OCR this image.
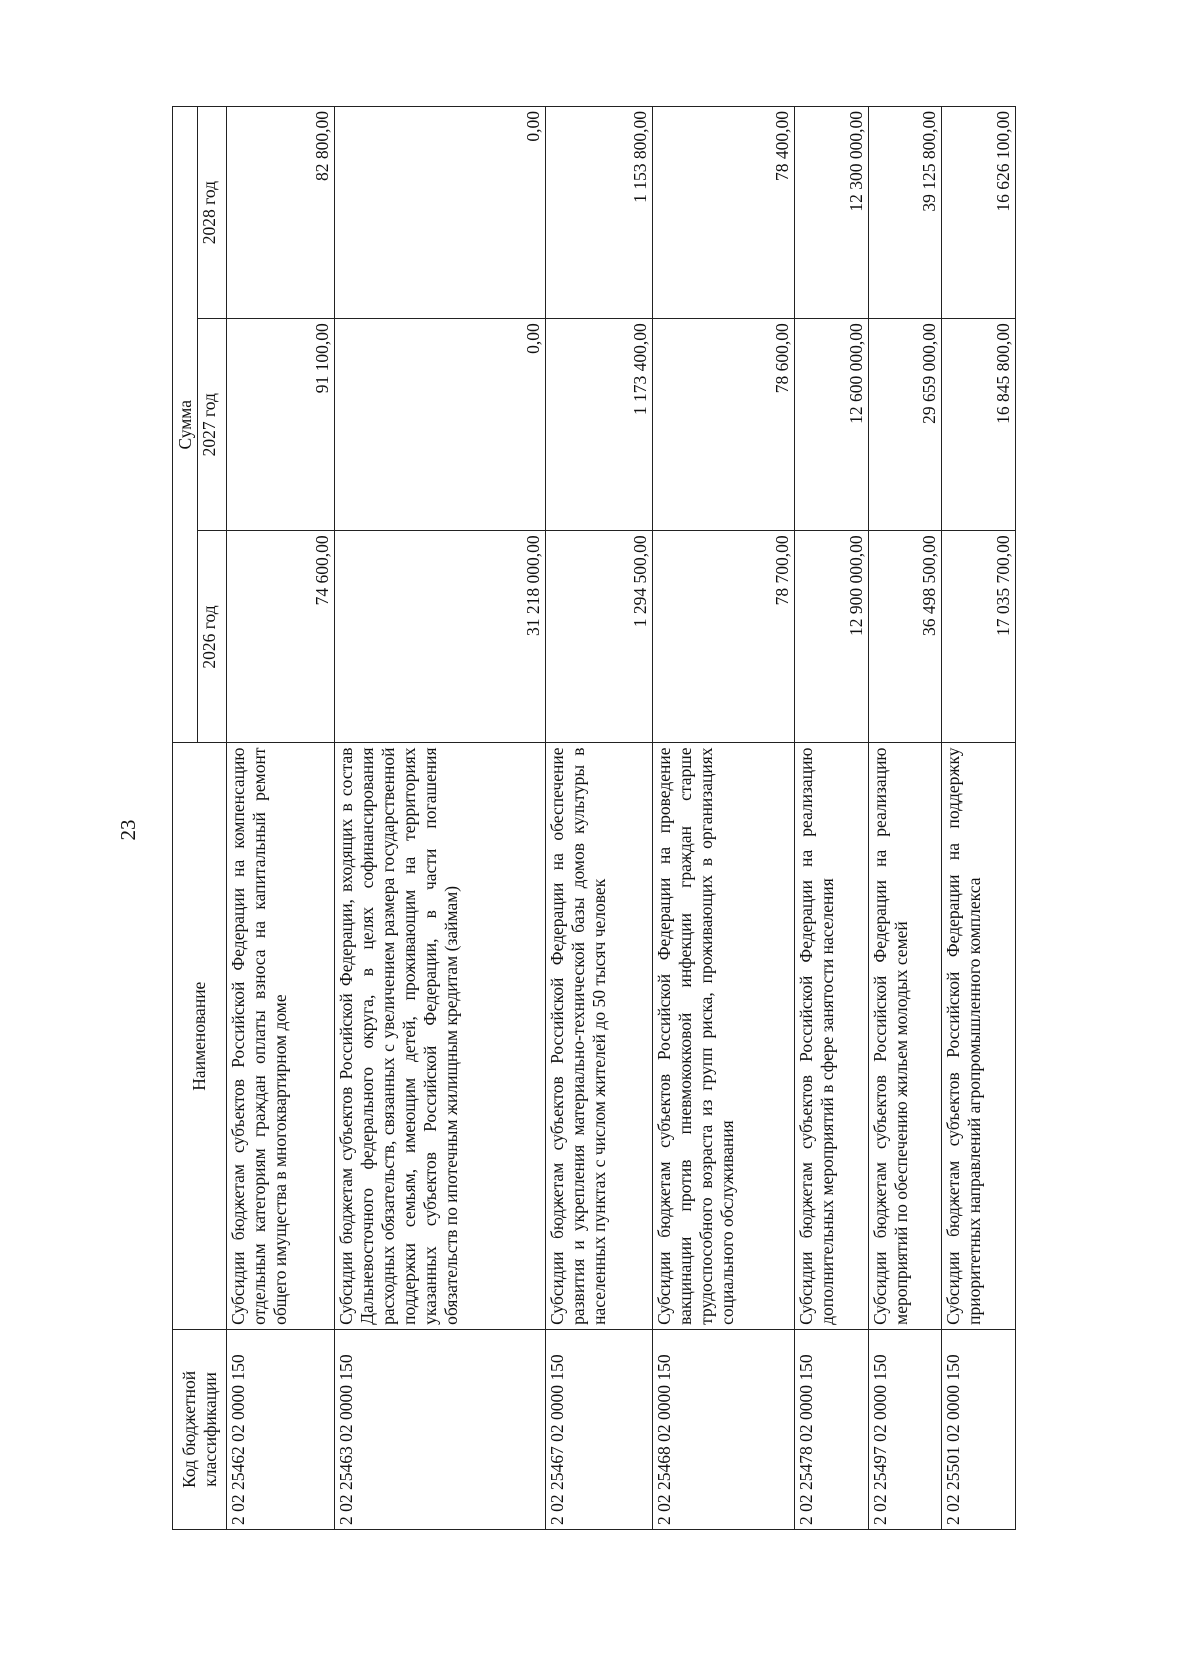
23
Код бюджетной классификации	Наименование	Сумма		
		2026 год	2027 год	2028 год
2 02 25462 02 0000 150	Субсидии бюджетам субъектов Российской Федерации на компенсацию отдельным категориям граждан оплаты взноса на капитальный ремонт общего имущества в многоквартирном доме	74 600,00	91 100,00	82 800,00
2 02 25463 02 0000 150	Субсидии бюджетам субъектов Российской Федерации, входящих в состав Дальневосточного федерального округа, в целях софинансирования расходных обязательств, связанных с увеличением размера государственной поддержки семьям, имеющим детей, проживающим на территориях указанных субъектов Российской Федерации, в части погашения обязательств по ипотечным жилищным кредитам (займам)	31 218 000,00	0,00	0,00
2 02 25467 02 0000 150	Субсидии бюджетам субъектов Российской Федерации на обеспечение развития и укрепления материально-технической базы домов культуры в населенных пунктах с числом жителей до 50 тысяч человек	1 294 500,00	1 173 400,00	1 153 800,00
2 02 25468 02 0000 150	Субсидии бюджетам субъектов Российской Федерации на проведение вакцинации против пневмококковой инфекции граждан старше трудоспособного возраста из групп риска, проживающих в организациях социального обслуживания	78 700,00	78 600,00	78 400,00
2 02 25478 02 0000 150	Субсидии бюджетам субъектов Российской Федерации на реализацию дополнительных мероприятий в сфере занятости населения	12 900 000,00	12 600 000,00	12 300 000,00
2 02 25497 02 0000 150	Субсидии бюджетам субъектов Российской Федерации на реализацию мероприятий по обеспечению жильем молодых семей	36 498 500,00	29 659 000,00	39 125 800,00
2 02 25501 02 0000 150	Субсидии бюджетам субъектов Российской Федерации на поддержку приоритетных направлений агропромышленного комплекса	17 035 700,00	16 845 800,00	16 626 100,00
